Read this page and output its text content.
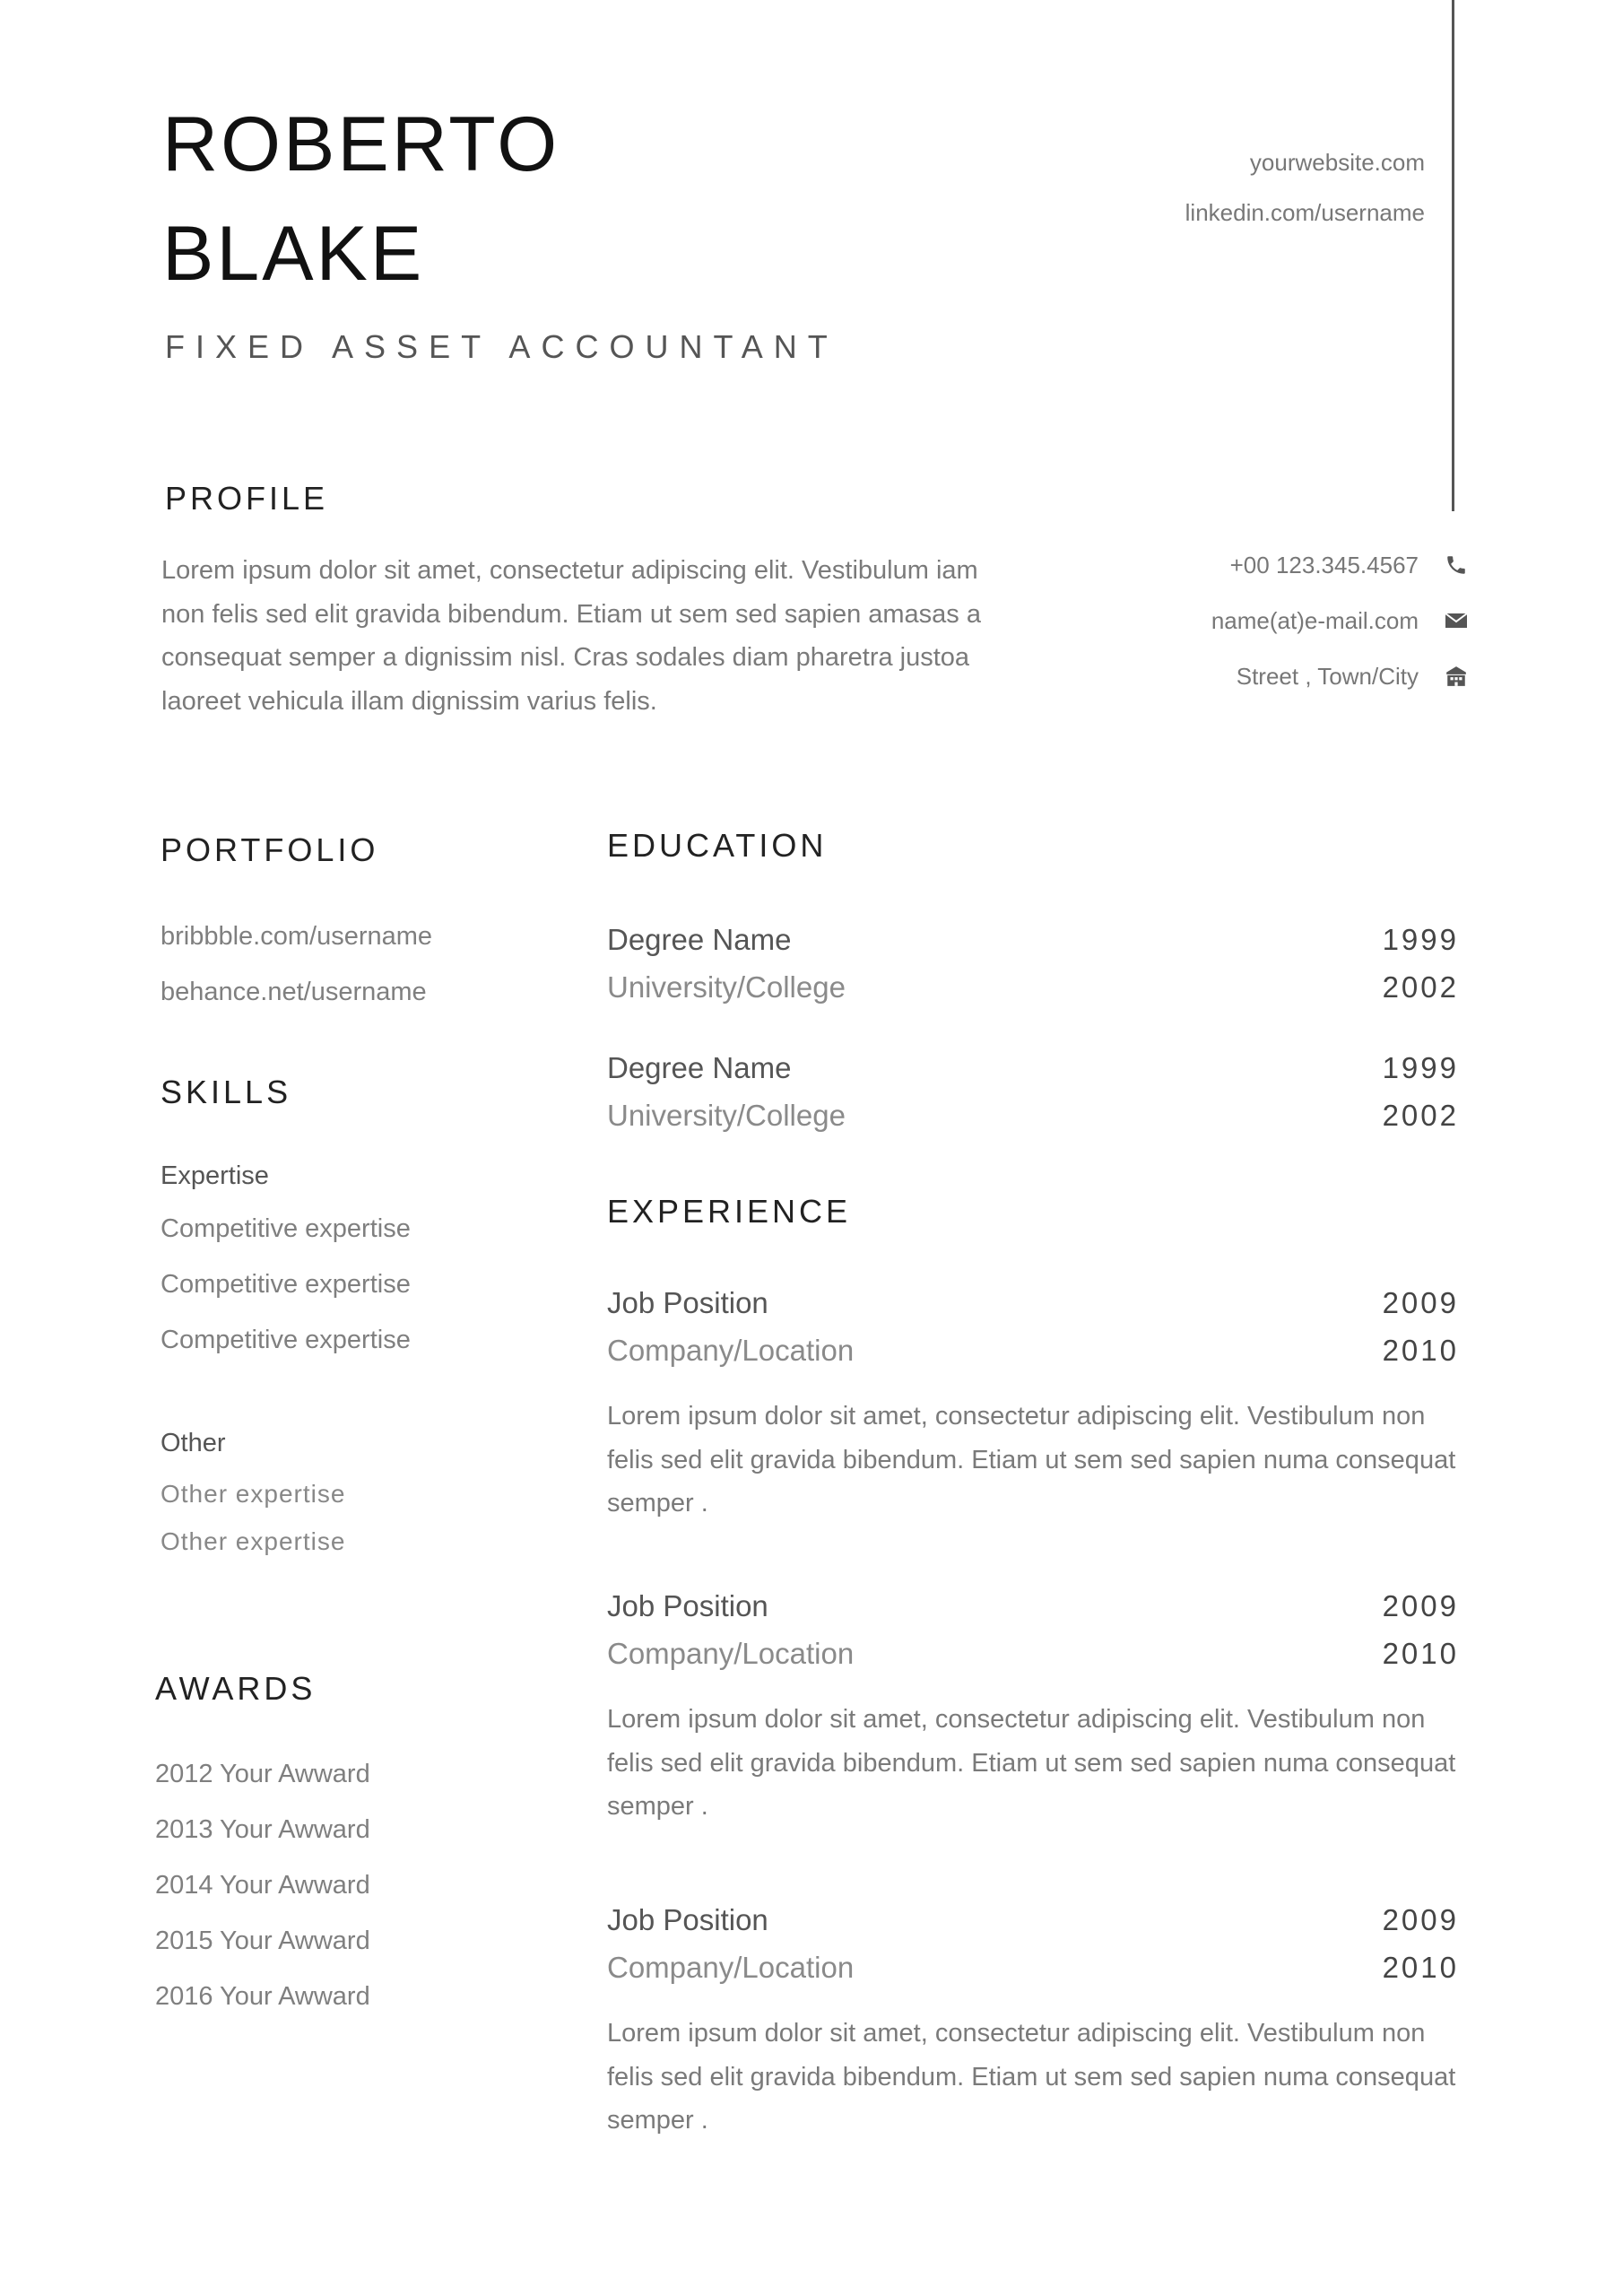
ROBERTO
BLAKE
FIXED ASSET ACCOUNTANT
yourwebsite.com
linkedin.com/username
PROFILE
Lorem ipsum dolor sit amet, consectetur adipiscing elit. Vestibulum iam non felis sed elit gravida bibendum. Etiam ut sem sed sapien amasas a consequat semper a dignissim nisl. Cras sodales diam pharetra justoa laoreet vehicula illam dignissim varius felis.
+00 123.345.4567
name(at)e-mail.com
Street , Town/City
PORTFOLIO
bribbble.com/username
behance.net/username
SKILLS
Expertise
Competitive expertise
Competitive expertise
Competitive expertise
Other
Other expertise
Other expertise
AWARDS
2012 Your Awward
2013 Your Awward
2014 Your Awward
2015 Your Awward
2016 Your Awward
EDUCATION
Degree Name	1999
University/College	2002
Degree Name	1999
University/College	2002
EXPERIENCE
Job Position	2009
Company/Location	2010
Lorem ipsum dolor sit amet, consectetur adipiscing elit. Vestibulum non felis sed elit gravida bibendum. Etiam ut sem sed sapien numa consequat semper .
Job Position	2009
Company/Location	2010
Lorem ipsum dolor sit amet, consectetur adipiscing elit. Vestibulum non felis sed elit gravida bibendum. Etiam ut sem sed sapien numa consequat semper .
Job Position	2009
Company/Location	2010
Lorem ipsum dolor sit amet, consectetur adipiscing elit. Vestibulum non felis sed elit gravida bibendum. Etiam ut sem sed sapien numa consequat semper .
